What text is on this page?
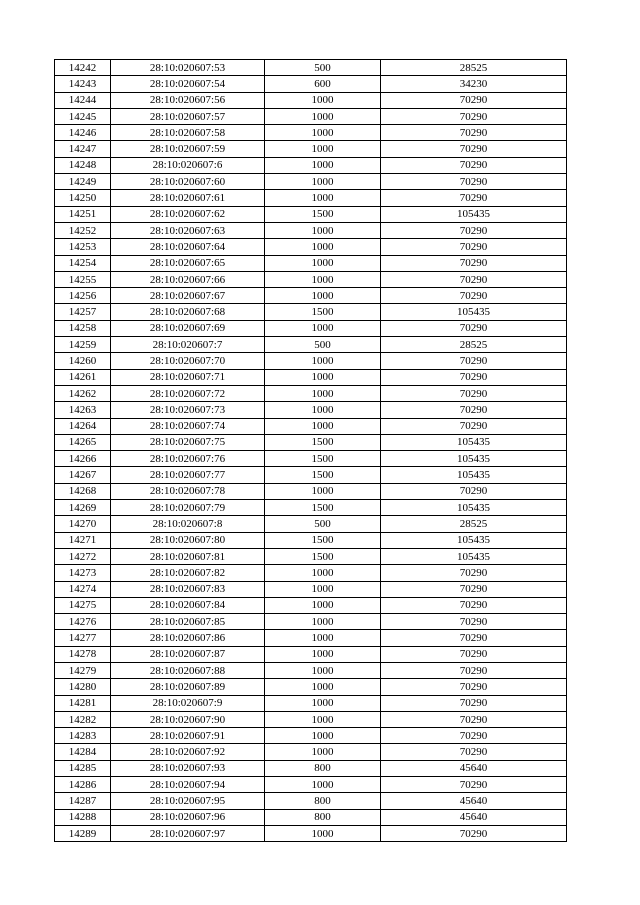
14242	28:10:020607:53	500	28525
14243	28:10:020607:54	600	34230
14244	28:10:020607:56	1000	70290
14245	28:10:020607:57	1000	70290
14246	28:10:020607:58	1000	70290
14247	28:10:020607:59	1000	70290
14248	28:10:020607:6	1000	70290
14249	28:10:020607:60	1000	70290
14250	28:10:020607:61	1000	70290
14251	28:10:020607:62	1500	105435
14252	28:10:020607:63	1000	70290
14253	28:10:020607:64	1000	70290
14254	28:10:020607:65	1000	70290
14255	28:10:020607:66	1000	70290
14256	28:10:020607:67	1000	70290
14257	28:10:020607:68	1500	105435
14258	28:10:020607:69	1000	70290
14259	28:10:020607:7	500	28525
14260	28:10:020607:70	1000	70290
14261	28:10:020607:71	1000	70290
14262	28:10:020607:72	1000	70290
14263	28:10:020607:73	1000	70290
14264	28:10:020607:74	1000	70290
14265	28:10:020607:75	1500	105435
14266	28:10:020607:76	1500	105435
14267	28:10:020607:77	1500	105435
14268	28:10:020607:78	1000	70290
14269	28:10:020607:79	1500	105435
14270	28:10:020607:8	500	28525
14271	28:10:020607:80	1500	105435
14272	28:10:020607:81	1500	105435
14273	28:10:020607:82	1000	70290
14274	28:10:020607:83	1000	70290
14275	28:10:020607:84	1000	70290
14276	28:10:020607:85	1000	70290
14277	28:10:020607:86	1000	70290
14278	28:10:020607:87	1000	70290
14279	28:10:020607:88	1000	70290
14280	28:10:020607:89	1000	70290
14281	28:10:020607:9	1000	70290
14282	28:10:020607:90	1000	70290
14283	28:10:020607:91	1000	70290
14284	28:10:020607:92	1000	70290
14285	28:10:020607:93	800	45640
14286	28:10:020607:94	1000	70290
14287	28:10:020607:95	800	45640
14288	28:10:020607:96	800	45640
14289	28:10:020607:97	1000	70290
